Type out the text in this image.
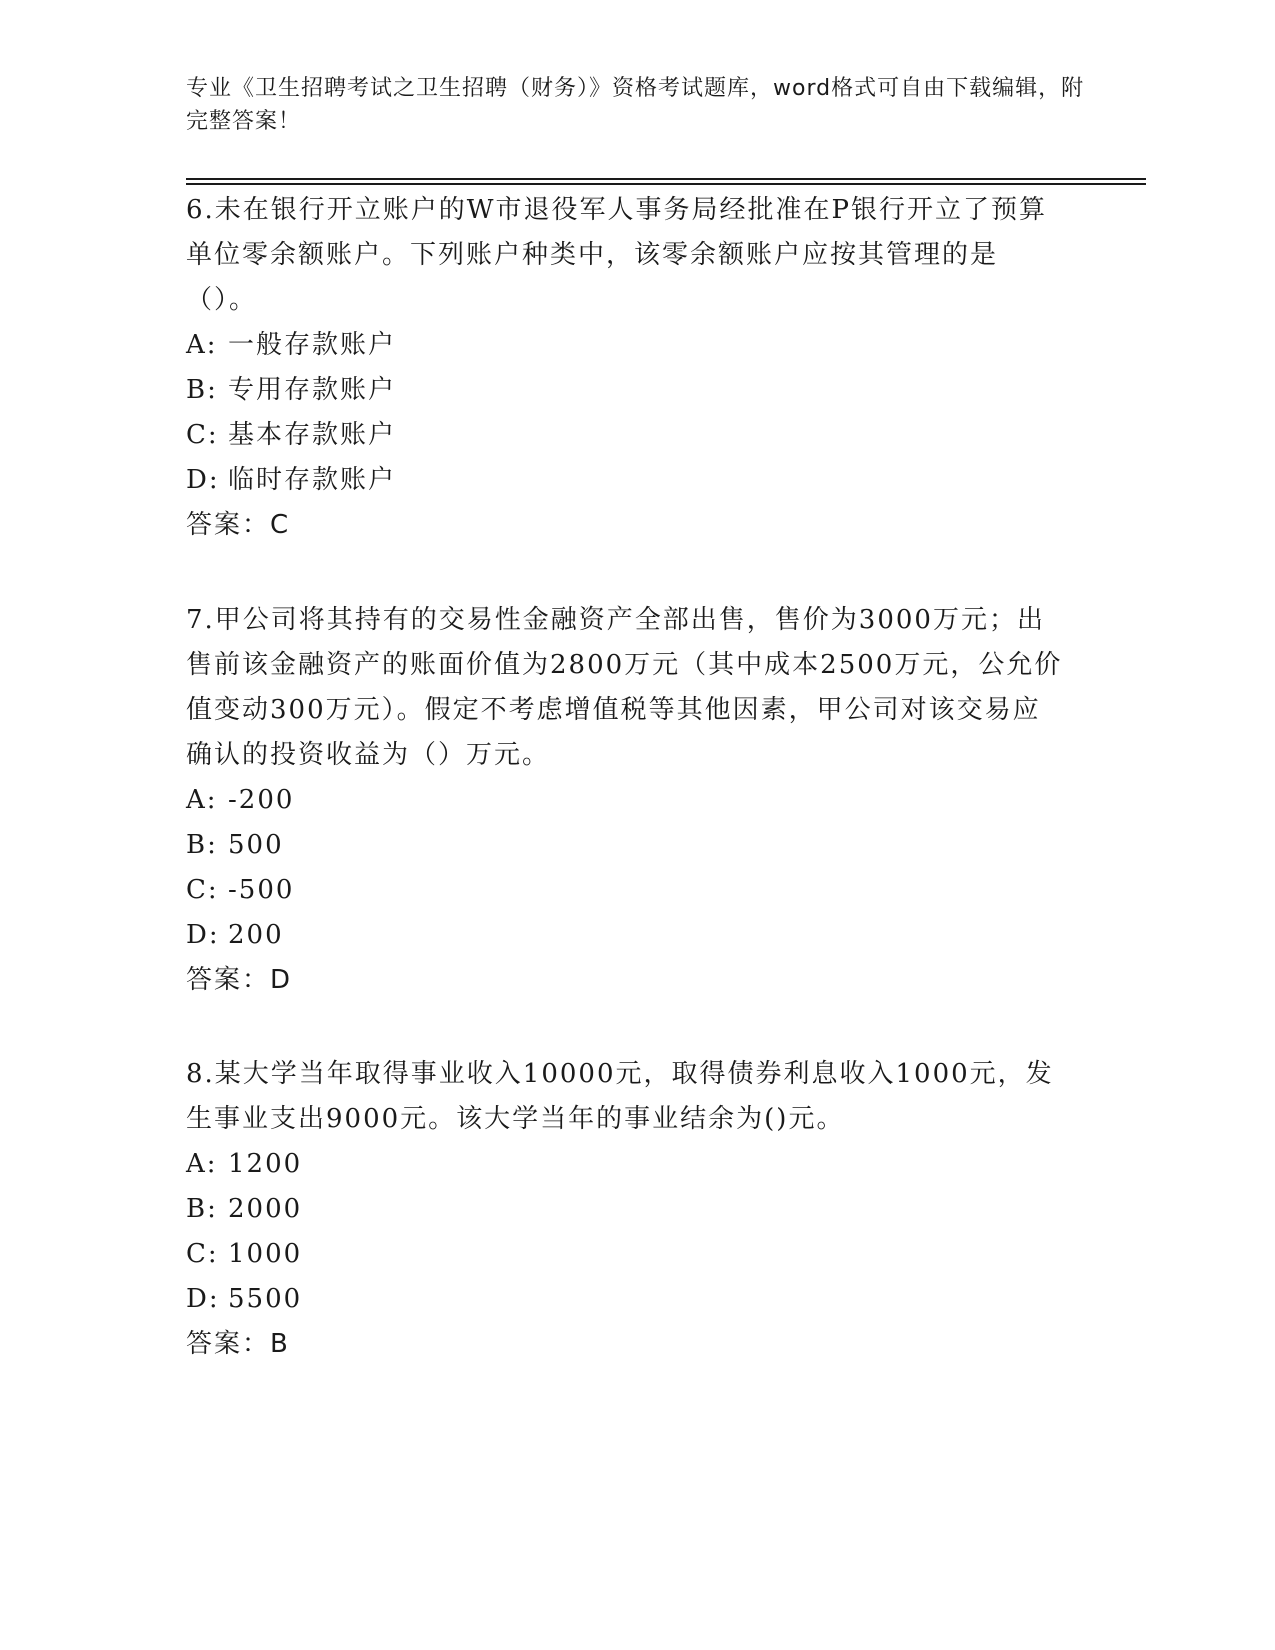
专业《卫生招聘考试之卫生招聘（财务）》资格考试题库，word格式可自由下载编辑，附完整答案！

6.未在银行开立账户的W市退役军人事务局经批准在P银行开立了预算单位零余额账户。下列账户种类中，该零余额账户应按其管理的是（）。

A: 一般存款账户

B: 专用存款账户

C: 基本存款账户

D: 临时存款账户

答案：C

7.甲公司将其持有的交易性金融资产全部出售，售价为3000万元；出售前该金融资产的账面价值为2800万元（其中成本2500万元，公允价值变动300万元）。假定不考虑增值税等其他因素，甲公司对该交易应确认的投资收益为（）万元。

A: -200

B: 500

C: -500

D: 200

答案：D

8.某大学当年取得事业收入10000元，取得债券利息收入1000元，发生事业支出9000元。该大学当年的事业结余为()元。

A: 1200

B: 2000

C: 1000

D: 5500

答案：B
